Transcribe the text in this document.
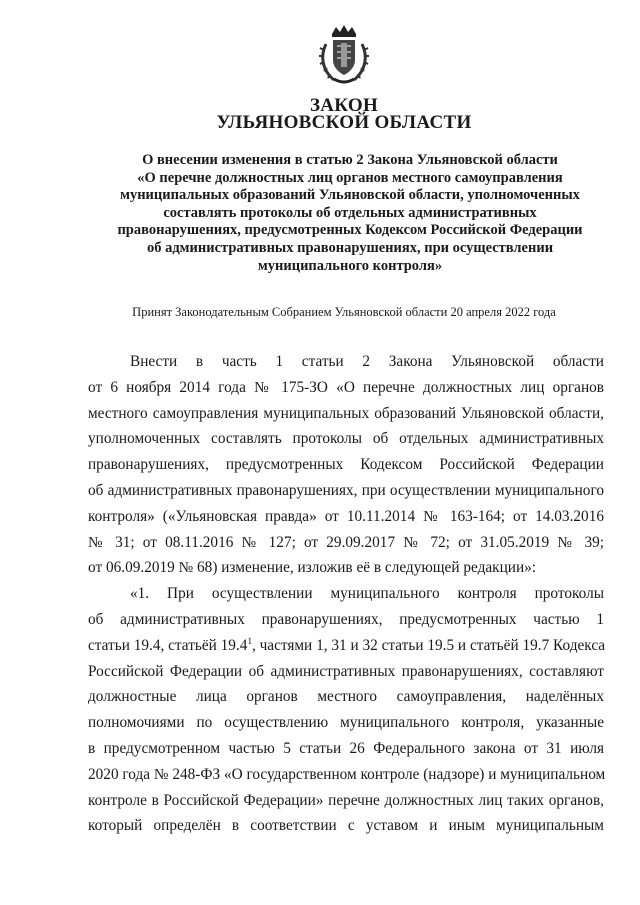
ЗАКОН
УЛЬЯНОВСКОЙ ОБЛАСТИ
О внесении изменения в статью 2 Закона Ульяновской области
«О перечне должностных лиц органов местного самоуправления
муниципальных образований Ульяновской области, уполномоченных
составлять протоколы об отдельных административных
правонарушениях, предусмотренных Кодексом Российской Федерации
об административных правонарушениях, при осуществлении
муниципального контроля»
Принят Законодательным Собранием Ульяновской области 20 апреля 2022 года
Внести в часть 1 статьи 2 Закона Ульяновской области
от 6 ноября 2014 года № 175-ЗО «О перечне должностных лиц органов
местного самоуправления муниципальных образований Ульяновской области,
уполномоченных составлять протоколы об отдельных административных
правонарушениях, предусмотренных Кодексом Российской Федерации
об административных правонарушениях, при осуществлении муниципального
контроля» («Ульяновская правда» от 10.11.2014 № 163-164; от 14.03.2016
№ 31; от 08.11.2016 № 127; от 29.09.2017 № 72; от 31.05.2019 № 39;
от 06.09.2019 № 68) изменение, изложив её в следующей редакции»:
«1. При осуществлении муниципального контроля протоколы
об административных правонарушениях, предусмотренных частью 1
статьи 19.4, статьёй 19.4$^1$, частями 1, 31 и 32 статьи 19.5 и статьёй 19.7 Кодекса
Российской Федерации об административных правонарушениях, составляют
должностные лица органов местного самоуправления, наделённых
полномочиями по осуществлению муниципального контроля, указанные
в предусмотренном частью 5 статьи 26 Федерального закона от 31 июля
2020 года № 248-ФЗ «О государственном контроле (надзоре) и муниципальном
контроле в Российской Федерации» перечне должностных лиц таких органов,
который определён в соответствии с уставом и иным муниципальным
